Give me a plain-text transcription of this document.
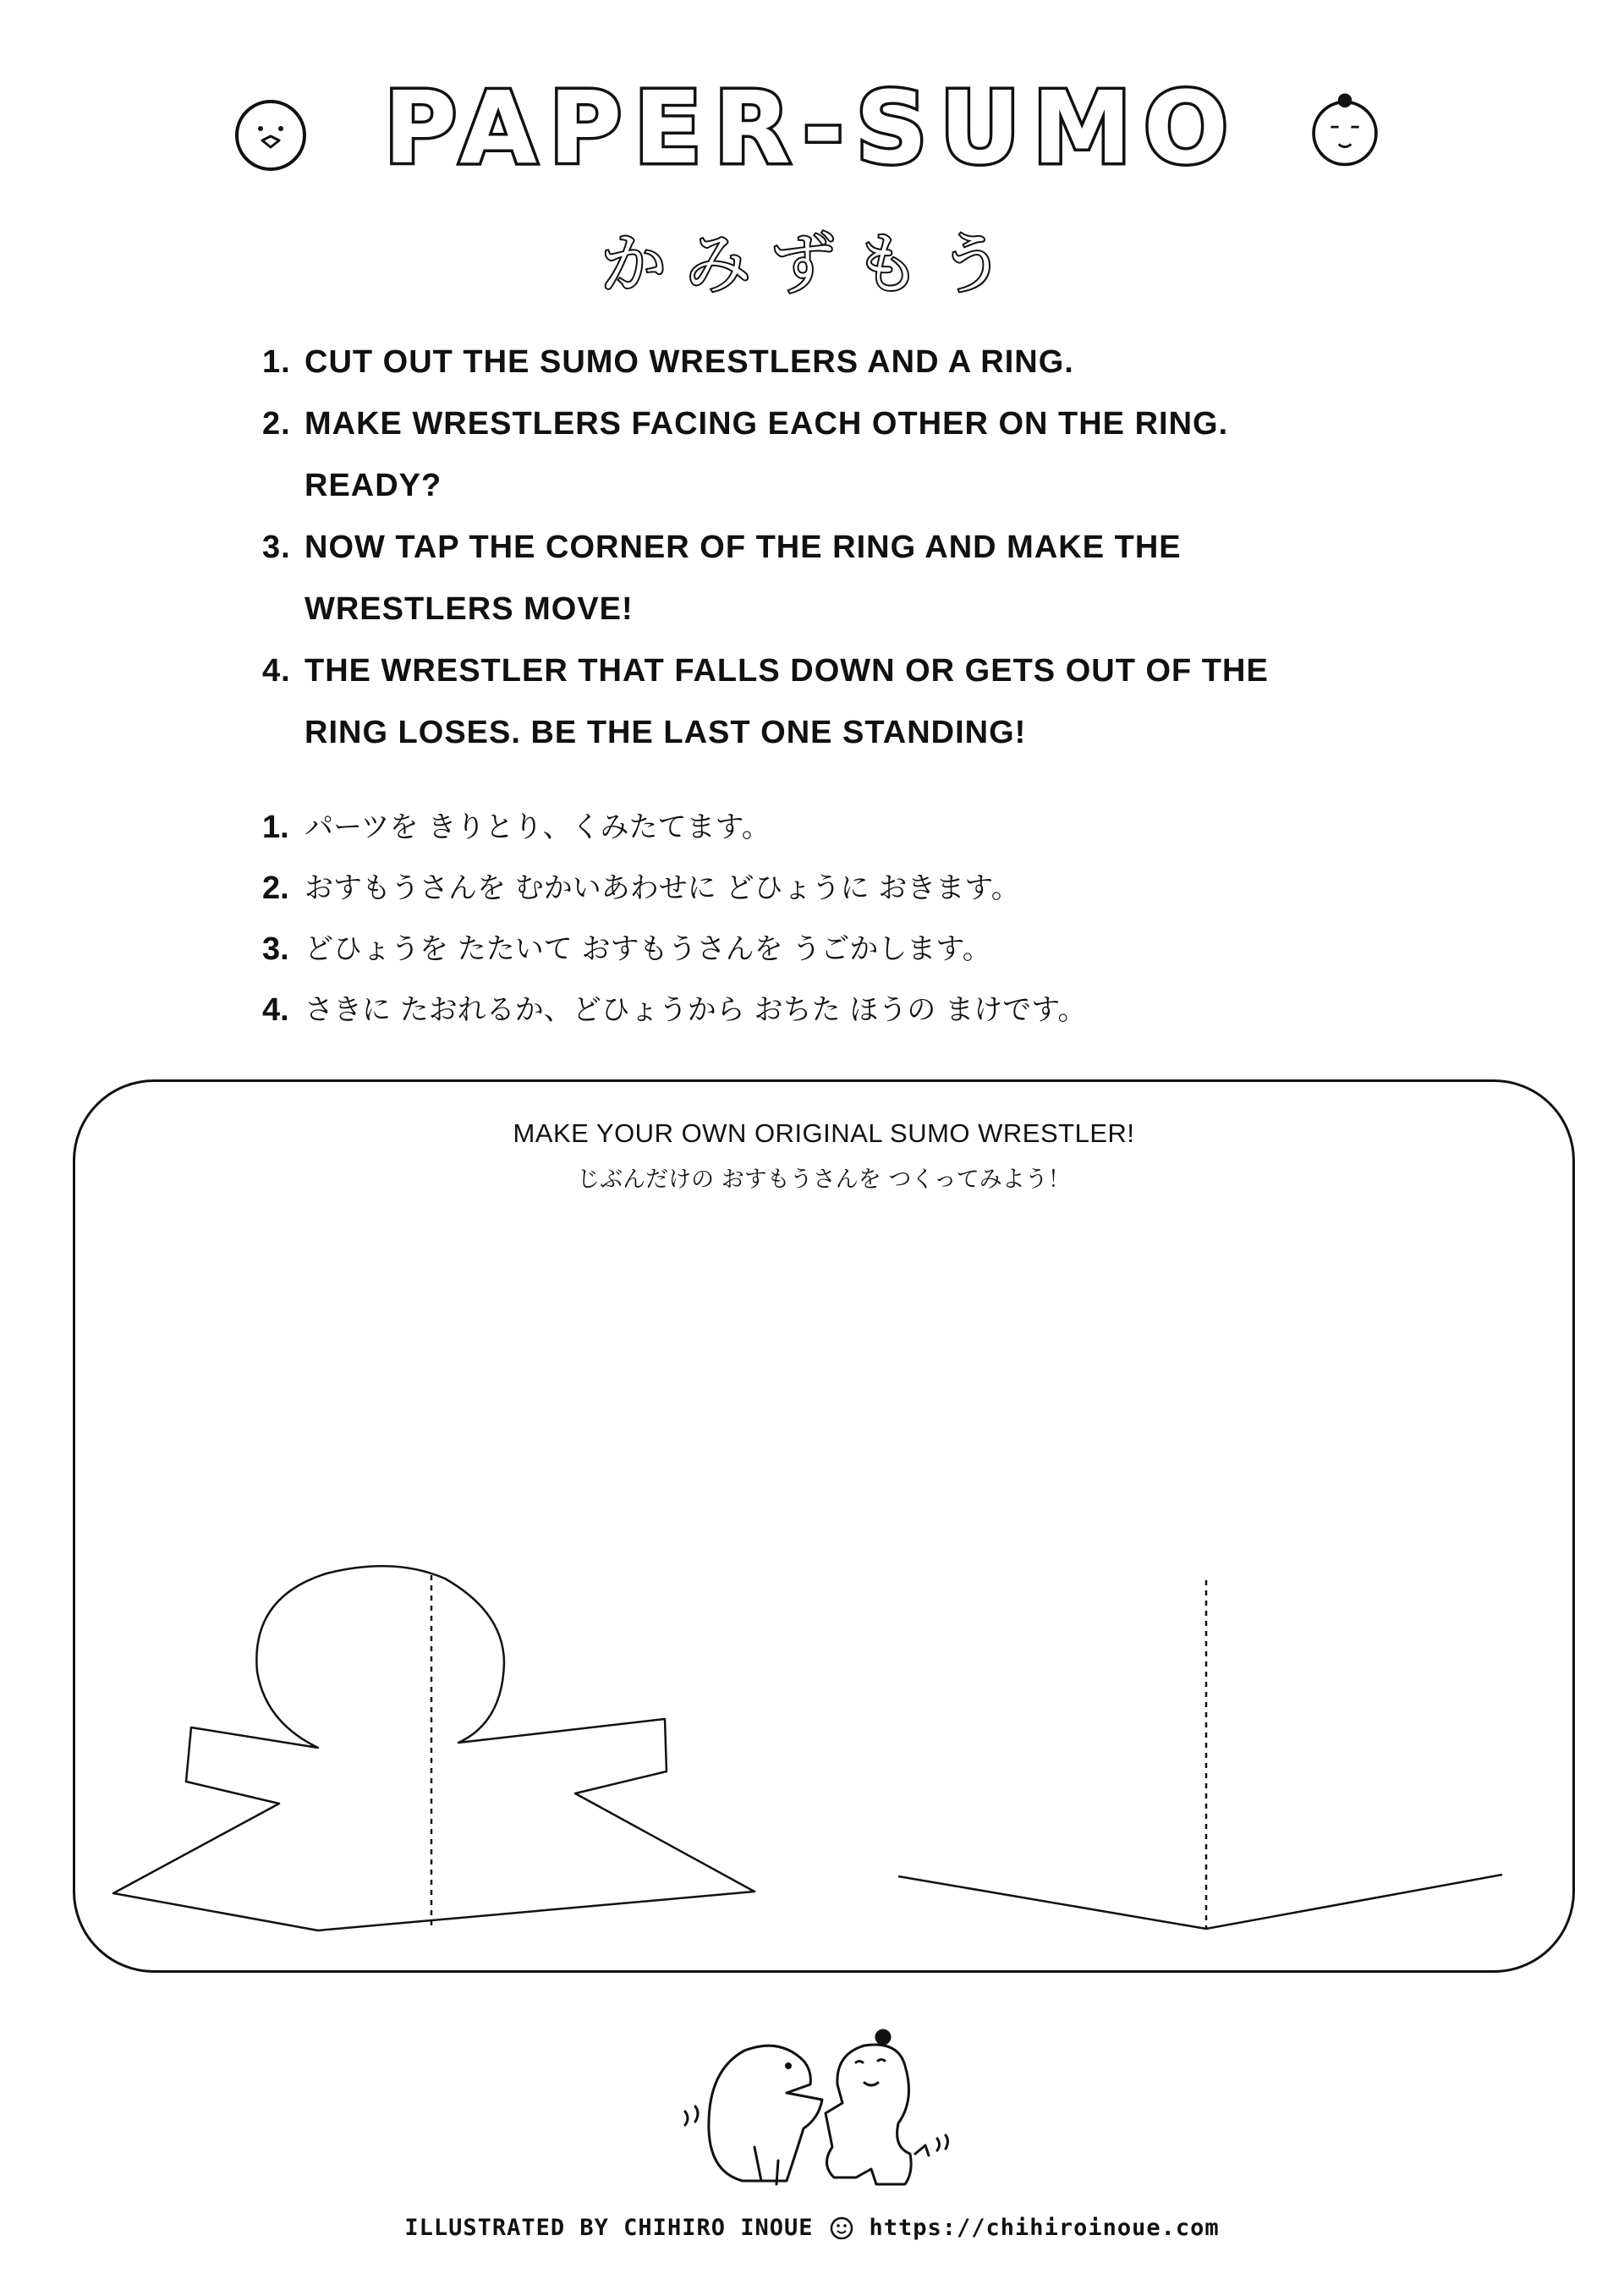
PAPER-SUMO
かみずもう
1. CUT OUT THE SUMO WRESTLERS AND A RING.
2. MAKE WRESTLERS FACING EACH OTHER ON THE RING.
READY?
3. NOW TAP THE CORNER OF THE RING AND MAKE THE
WRESTLERS MOVE!
4. THE WRESTLER THAT FALLS DOWN OR GETS OUT OF THE
RING LOSES. BE THE LAST ONE STANDING!
1. パーツを きりとり、くみたてます。
2. おすもうさんを むかいあわせに どひょうに おきます。
3. どひょうを たたいて おすもうさんを うごかします。
4. さきに たおれるか、どひょうから おちた ほうの まけです。
MAKE YOUR OWN ORIGINAL SUMO WRESTLER!
じぶんだけの おすもうさんを つくってみよう！
ILLUSTRATED BY CHIHIRO INOUE https://chihiroinoue.com
